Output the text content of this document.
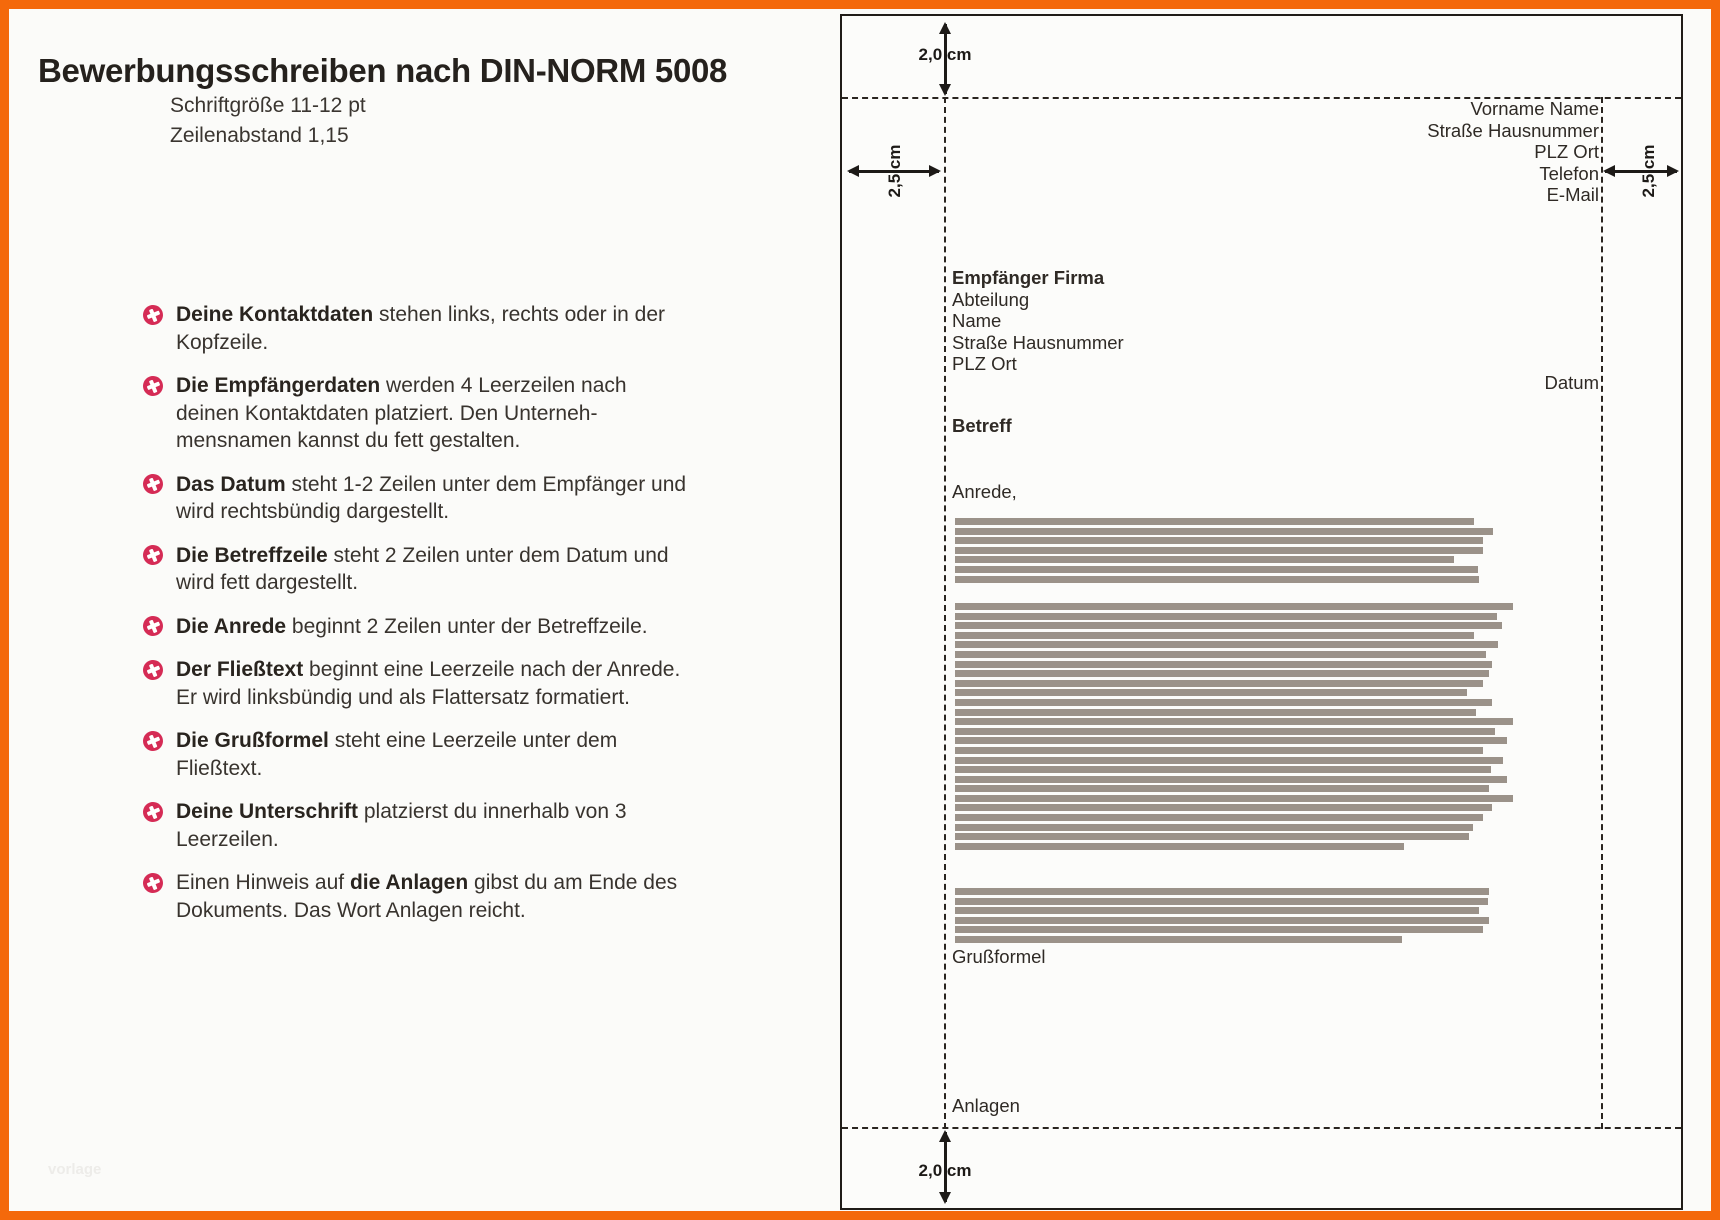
Bewerbungsschreiben nach DIN-NORM 5008
Schriftgröße 11-12 pt
Zeilenabstand 1,15
Deine Kontaktdaten stehen links, rechts oder in der Kopfzeile.
Die Empfängerdaten werden 4 Leerzeilen nach deinen Kontaktdaten platziert. Den Unternehmensnamen kannst du fett gestalten.
Das Datum steht 1-2 Zeilen unter dem Empfänger und wird rechtsbündig dargestellt.
Die Betreffzeile steht 2 Zeilen unter dem Datum und wird fett dargestellt.
Die Anrede beginnt 2 Zeilen unter der Betreffzeile.
Der Fließtext beginnt eine Leerzeile nach der Anrede. Er wird linksbündig und als Flattersatz formatiert.
Die Grußformel steht eine Leerzeile unter dem Fließtext.
Deine Unterschrift platzierst du innerhalb von 3 Leerzeilen.
Einen Hinweis auf die Anlagen gibst du am Ende des Dokuments. Das Wort Anlagen reicht.
vorlage
2,0 cm
2,0 cm
2,5 cm	2,5 cm
Vorname Name
Straße Hausnummer
PLZ Ort
Telefon
E-Mail
Empfänger Firma
Abteilung
Name
Straße Hausnummer
PLZ Ort
Datum
Betreff
Anrede,
Grußformel
Anlagen
